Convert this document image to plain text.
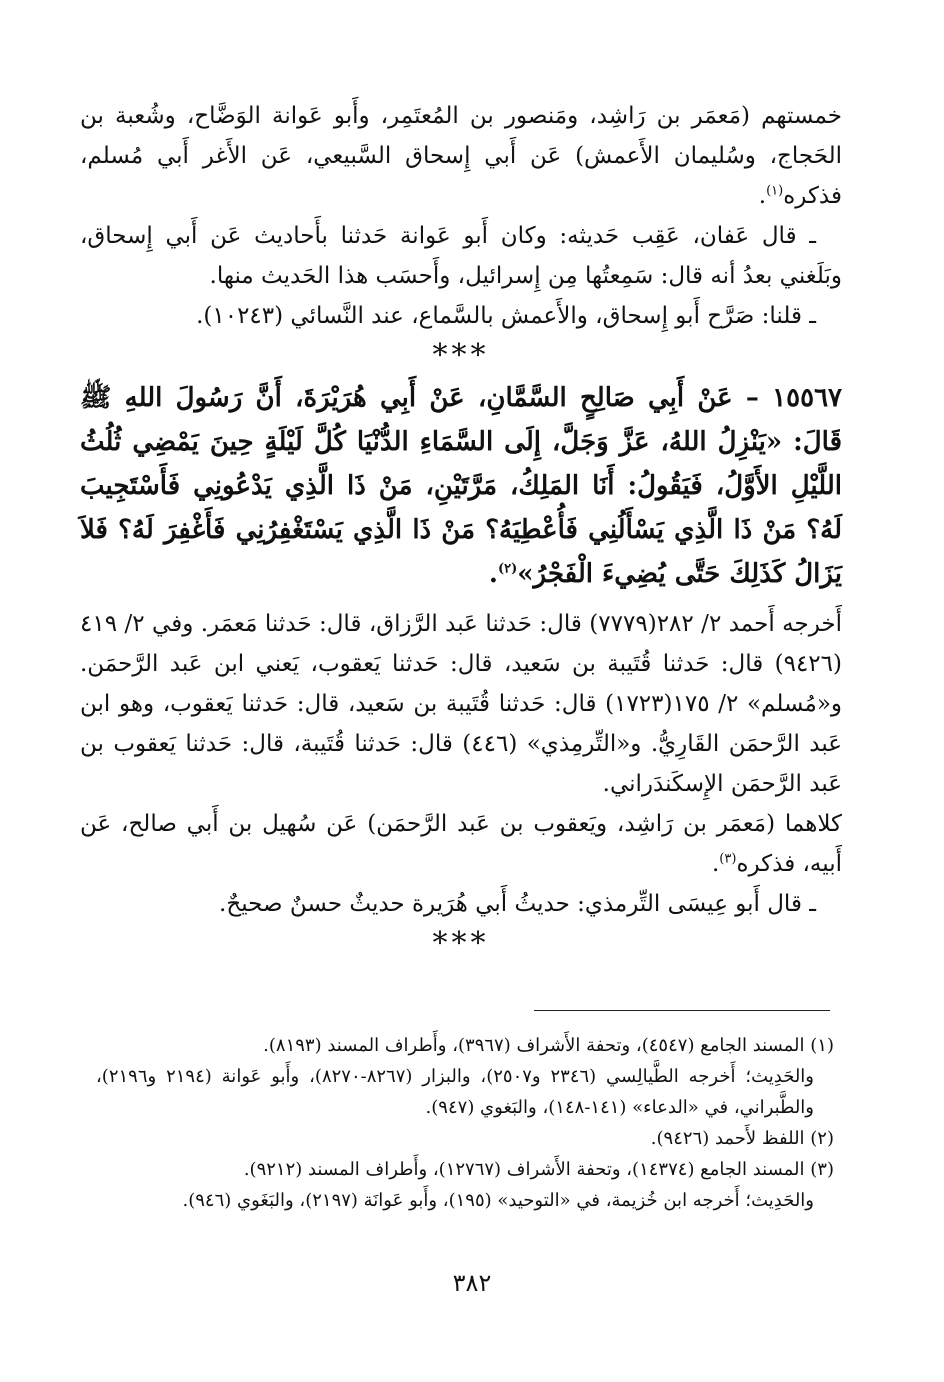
خمستهم (مَعمَر بن رَاشِد، ومَنصور بن المُعتَمِر، وأَبو عَوانة الوَضَّاح، وشُعبة بن الحَجاج، وسُليمان الأَعمش) عَن أَبي إِسحاق السَّبيعي، عَن الأَغر أَبي مُسلم، فذكره$^{(١)}$.

ـ قال عَفان، عَقِب حَديثه: وكان أَبو عَوانة حَدثنا بأَحاديث عَن أَبي إِسحاق، وبَلَغني بعدُ أنه قال: سَمِعتُها مِن إِسرائيل، وأَحسَب هذا الحَديث منها.

ـ قلنا: صَرَّح أَبو إِسحاق، والأَعمش بالسَّماع، عند النَّسائي (١٠٢٤٣).

***

١٥٥٦٧ – عَنْ أَبِي صَالِحٍ السَّمَّانِ، عَنْ أَبِي هُرَيْرَةَ، أَنَّ رَسُولَ اللهِ ﷺ قَالَ: «يَنْزِلُ اللهُ، عَزَّ وَجَلَّ، إِلَى السَّمَاءِ الدُّنْيَا كُلَّ لَيْلَةٍ حِينَ يَمْضِي ثُلُثُ اللَّيْلِ الأَوَّلُ، فَيَقُولُ: أَنَا المَلِكُ، مَرَّتَيْنِ، مَنْ ذَا الَّذِي يَدْعُونِي فَأَسْتَجِيبَ لَهُ؟ مَنْ ذَا الَّذِي يَسْأَلُنِي فَأُعْطِيَهُ؟ مَنْ ذَا الَّذِي يَسْتَغْفِرُنِي فَأَغْفِرَ لَهُ؟ فَلاَ يَزَالُ كَذَلِكَ حَتَّى يُضِيءَ الْفَجْرُ»$^{(٢)}$.

أَخرجه أَحمد ٢/ ٢٨٢(٧٧٧٩) قال: حَدثنا عَبد الرَّزاق، قال: حَدثنا مَعمَر. وفي ٢/ ٤١٩ (٩٤٢٦) قال: حَدثنا قُتَيبة بن سَعيد، قال: حَدثنا يَعقوب، يَعني ابن عَبد الرَّحمَن. و«مُسلم» ٢/ ١٧٥(١٧٢٣) قال: حَدثنا قُتَيبة بن سَعيد، قال: حَدثنا يَعقوب، وهو ابن عَبد الرَّحمَن القَارِيُّ. و«التِّرمِذي» (٤٤٦) قال: حَدثنا قُتَيبة، قال: حَدثنا يَعقوب بن عَبد الرَّحمَن الإِسكَندَراني.

كلاهما (مَعمَر بن رَاشِد، ويَعقوب بن عَبد الرَّحمَن) عَن سُهيل بن أَبي صالح، عَن أَبيه، فذكره$^{(٣)}$.

ـ قال أَبو عِيسَى التِّرمذي: حديثُ أَبي هُرَيرة حديثٌ حسنٌ صحيحٌ.

***

(١) المسند الجامع (٤٥٤٧)، وتحفة الأَشراف (٣٩٦٧)، وأَطراف المسند (٨١٩٣).

والحَدِيث؛ أَخرجه الطَّيالِسي (٢٣٤٦ و٢٥٠٧)، والبزار (٨٢٦٧-٨٢٧٠)، وأَبو عَوانة (٢١٩٤ و٢١٩٦)، والطَّبراني، في «الدعاء» (١٤١-١٤٨)، والبَغوي (٩٤٧).

(٢) اللفظ لأَحمد (٩٤٢٦).

(٣) المسند الجامع (١٤٣٧٤)، وتحفة الأَشراف (١٢٧٦٧)، وأَطراف المسند (٩٢١٢).

والحَدِيث؛ أَخرجه ابن خُزيمة، في «التوحيد» (١٩٥)، وأَبو عَوانَة (٢١٩٧)، والبَغَوي (٩٤٦).

٣٨٢
